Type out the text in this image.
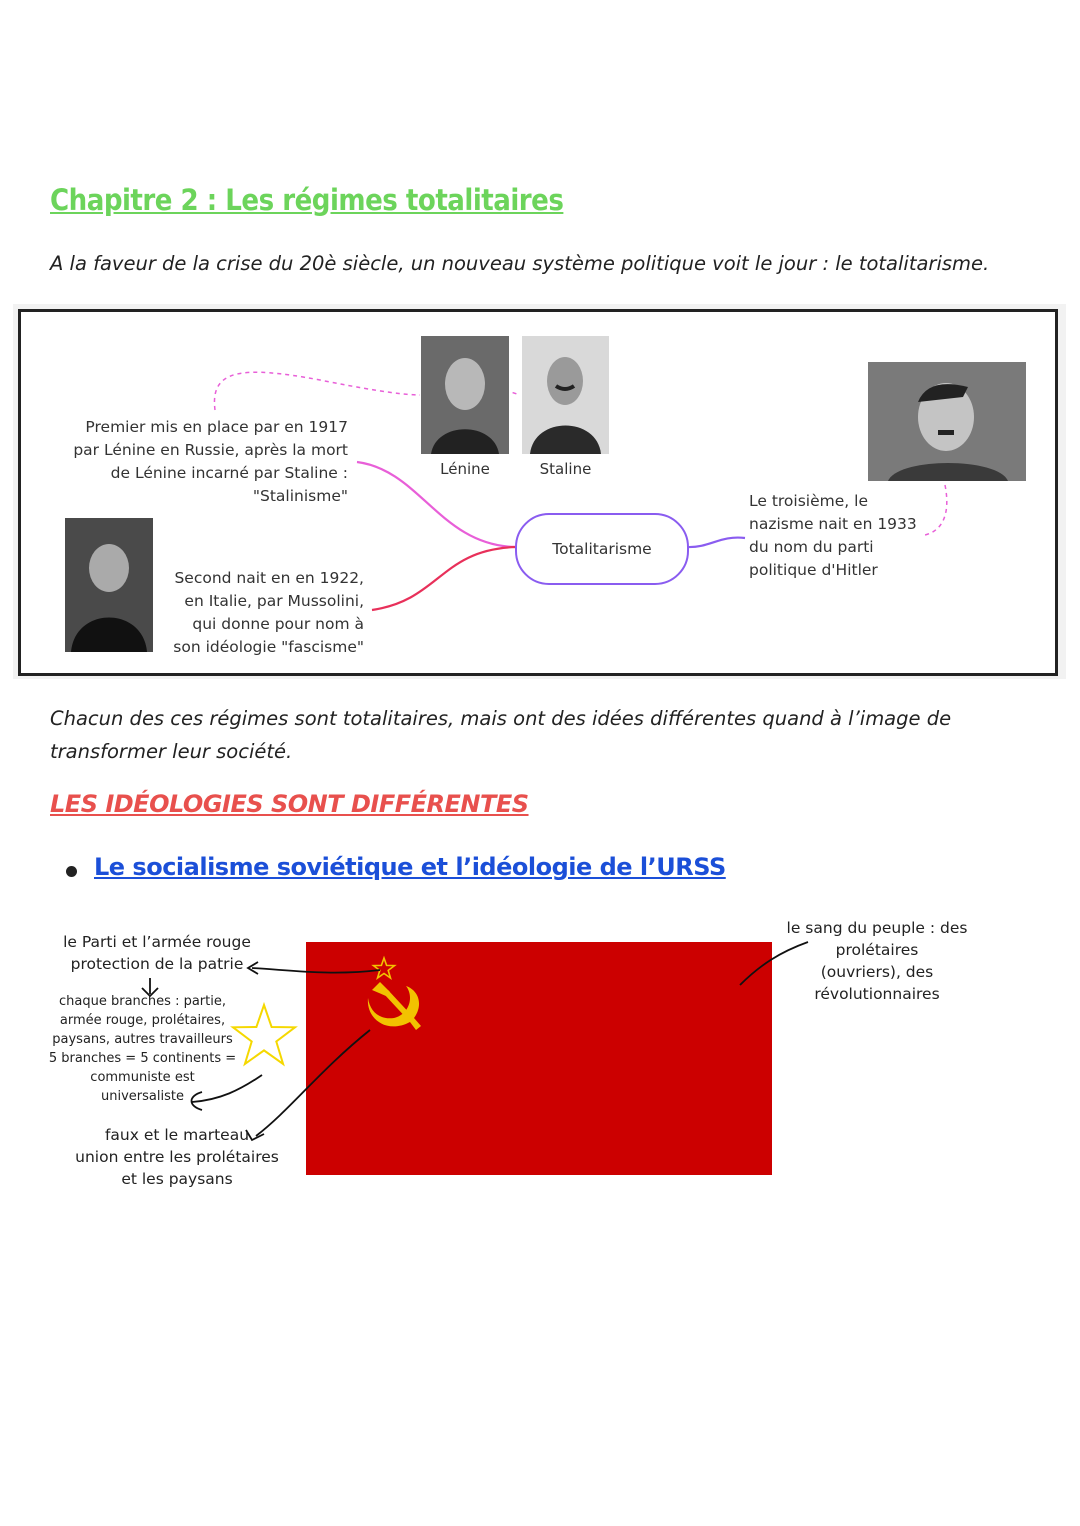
Chapitre 2 : Les régimes totalitaires
A la faveur de la crise du 20è siècle, un nouveau système politique voit le jour : le totalitarisme.
Lénine	Staline
Premier mis en place par en 1917
par Lénine en Russie, après la mort
de Lénine incarné par Staline :
"Stalinisme"
Second nait en en 1922,
en Italie, par Mussolini,
qui donne pour nom à
son idéologie "fascisme"
Le troisième, le
nazisme nait en 1933
du nom du parti
politique d'Hitler
Totalitarisme
Chacun des ces régimes sont totalitaires, mais ont des idées différentes quand à l’image de transformer leur société.
LES IDÉOLOGIES SONT DIFFÉRENTES
Le socialisme soviétique et l’idéologie de l’URSS
le Parti et l’armée rouge
protection de la patrie
chaque branches : partie,
armée rouge, prolétaires,
paysans, autres travailleurs
5 branches = 5 continents =
communiste est
universaliste
faux et le marteau
union entre les prolétaires
et les paysans
le sang du peuple : des
prolétaires
(ouvriers), des
révolutionnaires
